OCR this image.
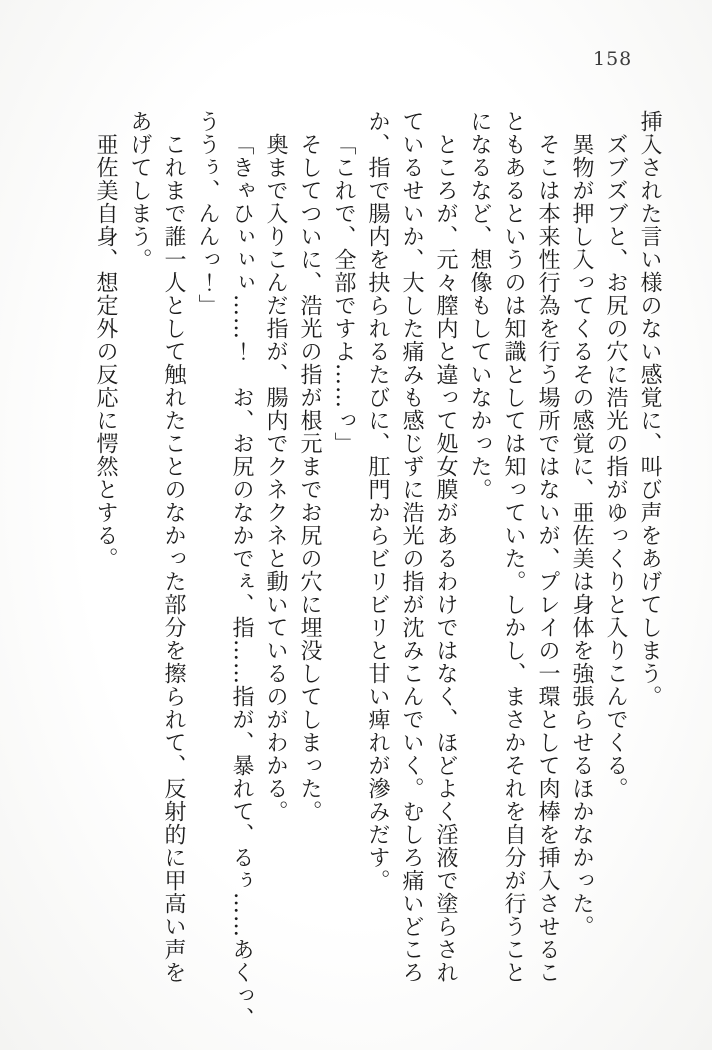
158
挿入された言い様のない感覚に、叫び声をあげてしまう。
ズブズブと、お尻の穴に浩光の指がゆっくりと入りこんでくる。
異物が押し入ってくるその感覚に、亜佐美は身体を強張らせるほかなかった。
そこは本来性行為を行う場所ではないが、プレイの一環として肉棒を挿入させるこ
ともあるというのは知識としては知っていた。しかし、まさかそれを自分が行うこと
になるなど、想像もしていなかった。
ところが、元々膣内と違って処女膜があるわけではなく、ほどよく淫液で塗らされ
ているせいか、大した痛みも感じずに浩光の指が沈みこんでいく。むしろ痛いどころ
か、指で腸内を抉られるたびに、肛門からビリビリと甘い痺れが滲みだす。
「これで、全部ですよ……っ」
そしてついに、浩光の指が根元までお尻の穴に埋没してしまった。
奥まで入りこんだ指が、腸内でクネクネと動いているのがわかる。
「きゃひぃぃぃ……！　お、お尻のなかでぇ、指……指が、暴れて、るぅ……あくっ、
ううぅ、んんっ！」
これまで誰一人として触れたことのなかった部分を擦られて、反射的に甲高い声を
あげてしまう。
亜佐美自身、想定外の反応に愕然とする。
